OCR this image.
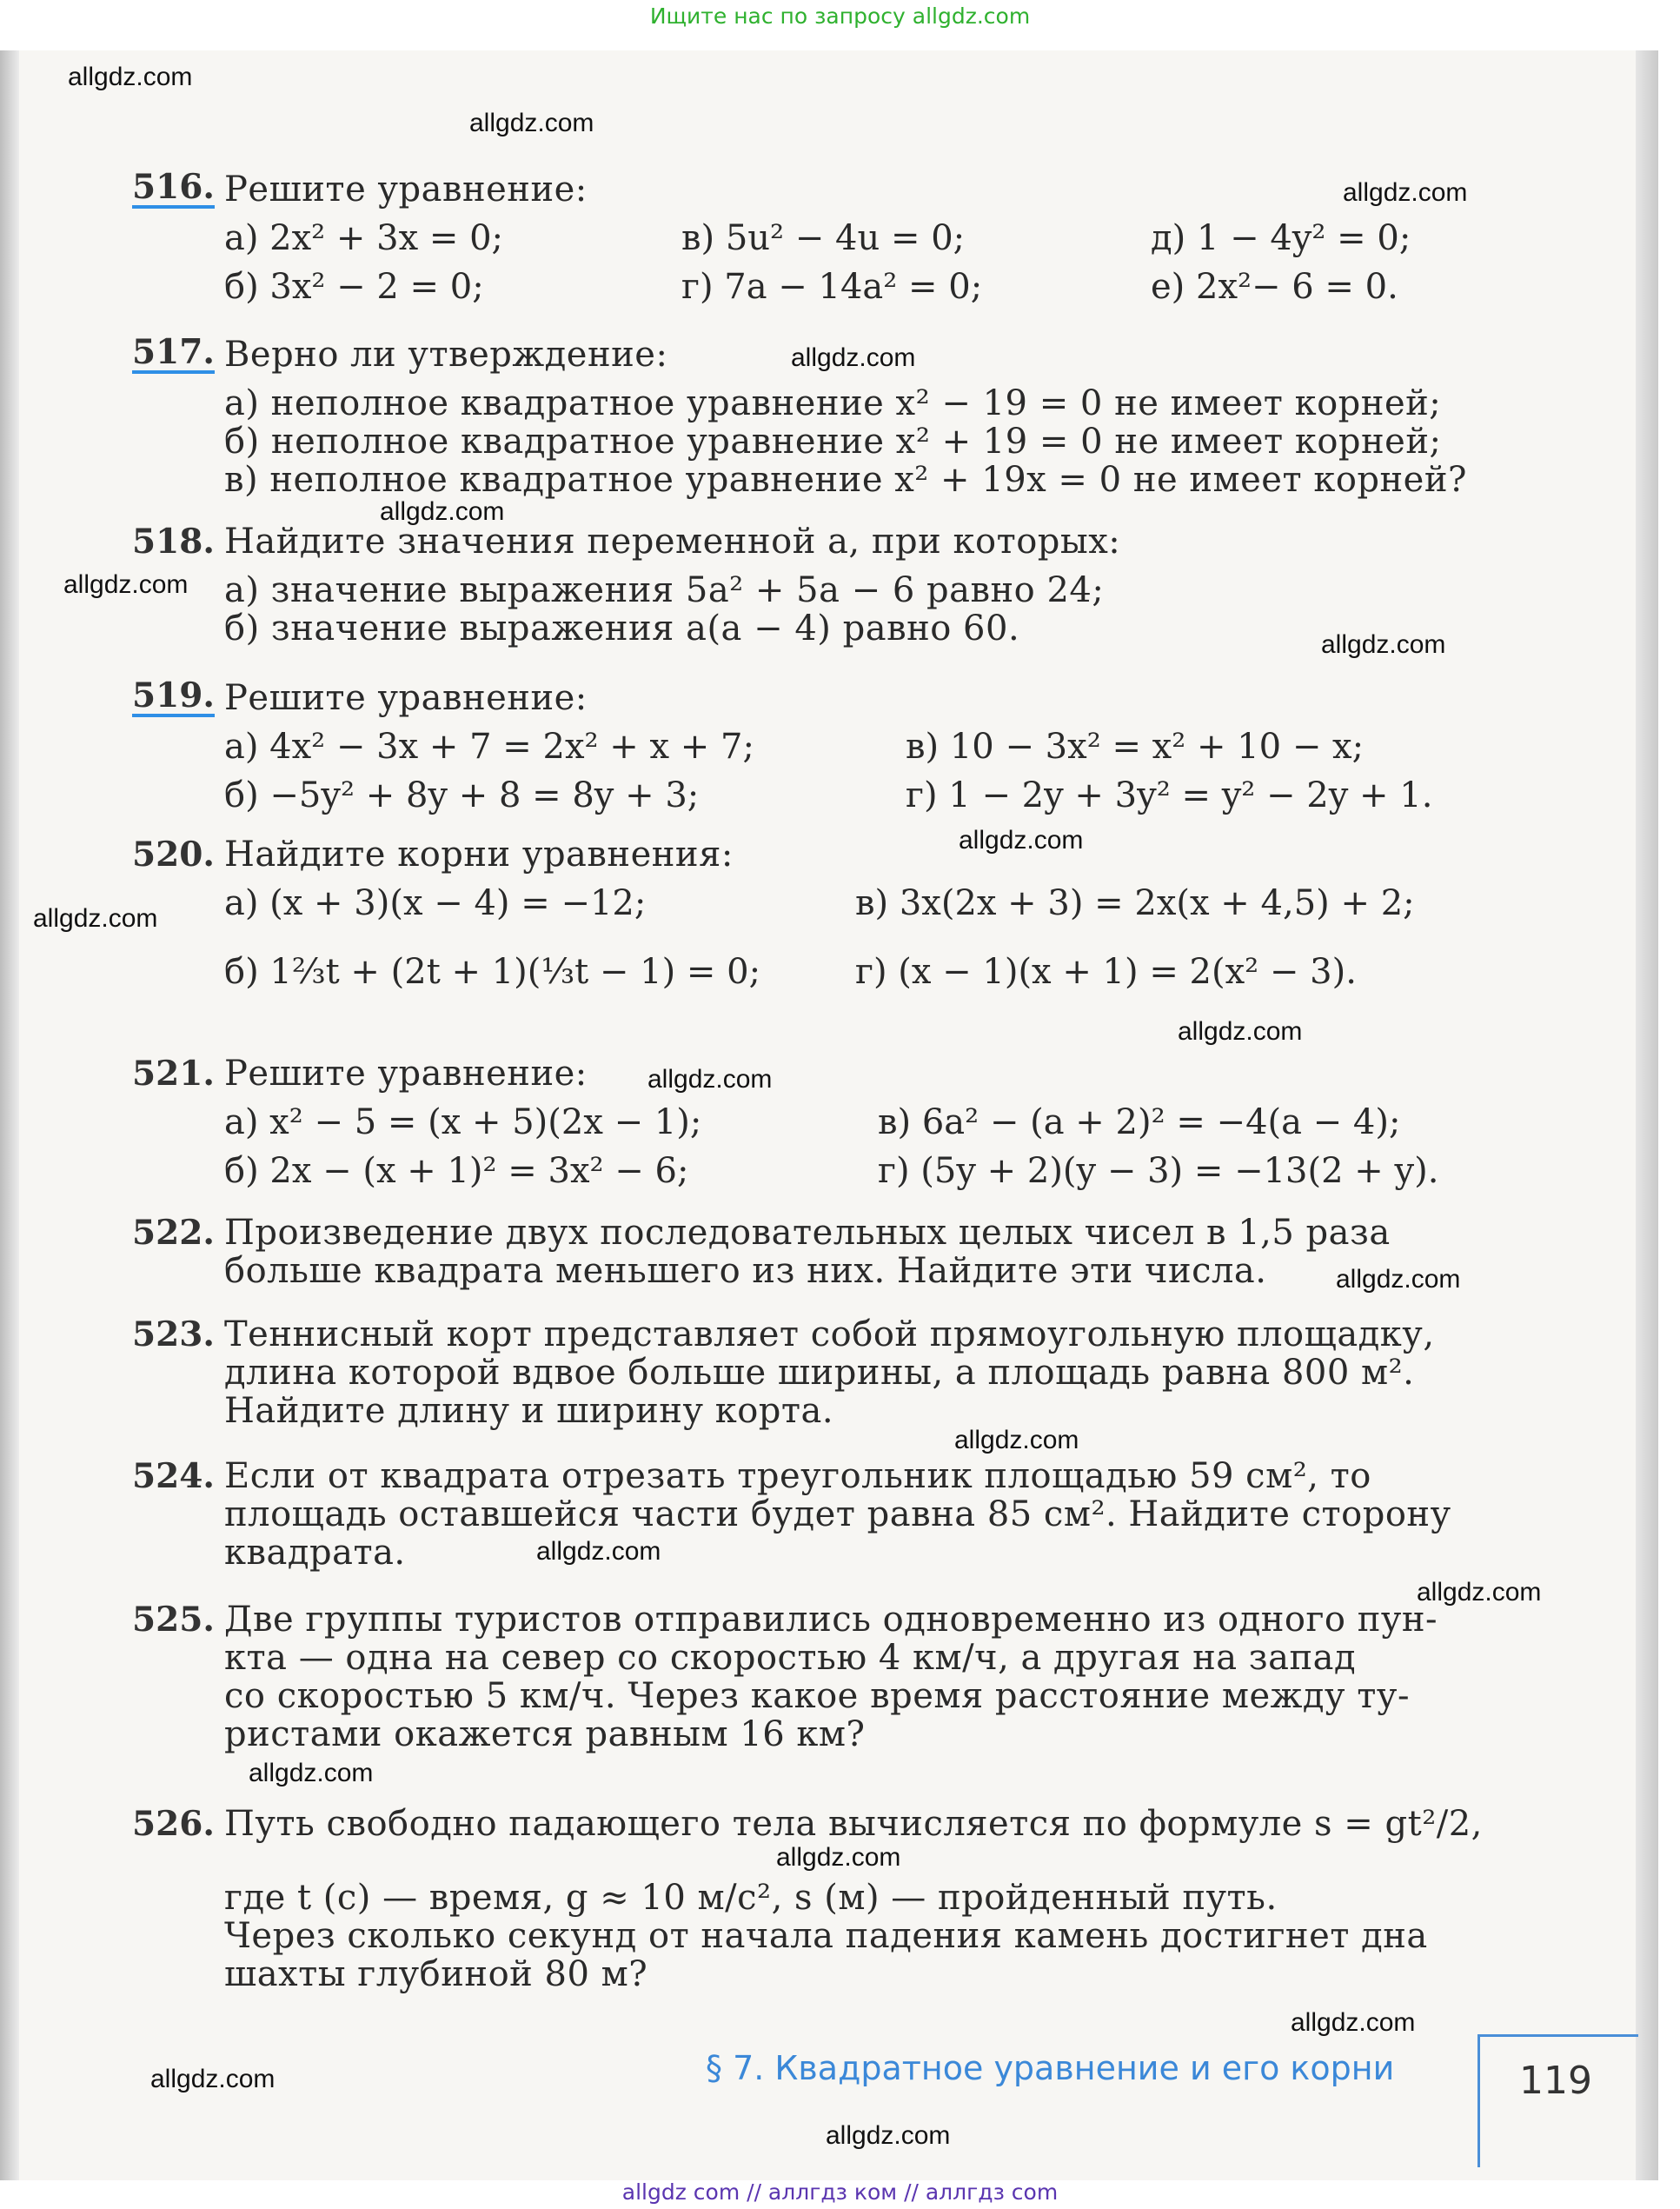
Ищите нас по запросу allgdz.com
allgdz.com
allgdz.com
allgdz.com
allgdz.com
allgdz.com
allgdz.com
allgdz.com
allgdz.com
allgdz.com
allgdz.com
allgdz.com
allgdz.com
allgdz.com
allgdz.com
allgdz.com
allgdz.com
allgdz.com
allgdz.com
allgdz.com
allgdz.com
516. Решите уравнение:
а) 2x² + 3x = 0;	в) 5u² − 4u = 0;	д) 1 − 4y² = 0;
б) 3x² − 2 = 0;	г) 7a − 14a² = 0;	е) 2x²− 6 = 0.
517. Верно ли утверждение:
а) неполное квадратное уравнение x² − 19 = 0 не имеет корней;
б) неполное квадратное уравнение x² + 19 = 0 не имеет корней;
в) неполное квадратное уравнение x² + 19x = 0 не имеет корней?
518. Найдите значения переменной a, при которых:
а) значение выражения 5a² + 5a − 6 равно 24;
б) значение выражения a(a − 4) равно 60.
519. Решите уравнение:
а) 4x² − 3x + 7 = 2x² + x + 7;	в) 10 − 3x² = x² + 10 − x;
б) −5y² + 8y + 8 = 8y + 3;	г) 1 − 2y + 3y² = y² − 2y + 1.
520. Найдите корни уравнения:
а) (x + 3)(x − 4) = −12;	в) 3x(2x + 3) = 2x(x + 4,5) + 2;
б) 1⅔t + (2t + 1)(⅓t − 1) = 0;	г) (x − 1)(x + 1) = 2(x² − 3).
521. Решите уравнение:
а) x² − 5 = (x + 5)(2x − 1);	в) 6a² − (a + 2)² = −4(a − 4);
б) 2x − (x + 1)² = 3x² − 6;	г) (5y + 2)(y − 3) = −13(2 + y).
522. Произведение двух последовательных целых чисел в 1,5 раза
больше квадрата меньшего из них. Найдите эти числа.
523. Теннисный корт представляет собой прямоугольную площадку,
длина которой вдвое больше ширины, а площадь равна 800 м².
Найдите длину и ширину корта.
524. Если от квадрата отрезать треугольник площадью 59 см², то
площадь оставшейся части будет равна 85 см². Найдите сторону
квадрата.
525. Две группы туристов отправились одновременно из одного пун-
кта — одна на север со скоростью 4 км/ч, а другая на запад
со скоростью 5 км/ч. Через какое время расстояние между ту-
ристами окажется равным 16 км?
526. Путь свободно падающего тела вычисляется по формуле s = gt²/2,
где t (с) — время, g ≈ 10 м/с², s (м) — пройденный путь.
Через сколько секунд от начала падения камень достигнет дна
шахты глубиной 80 м?
§ 7. Квадратное уравнение и его корни	119
allgdz com // аллгдз ком // аллгдз com
